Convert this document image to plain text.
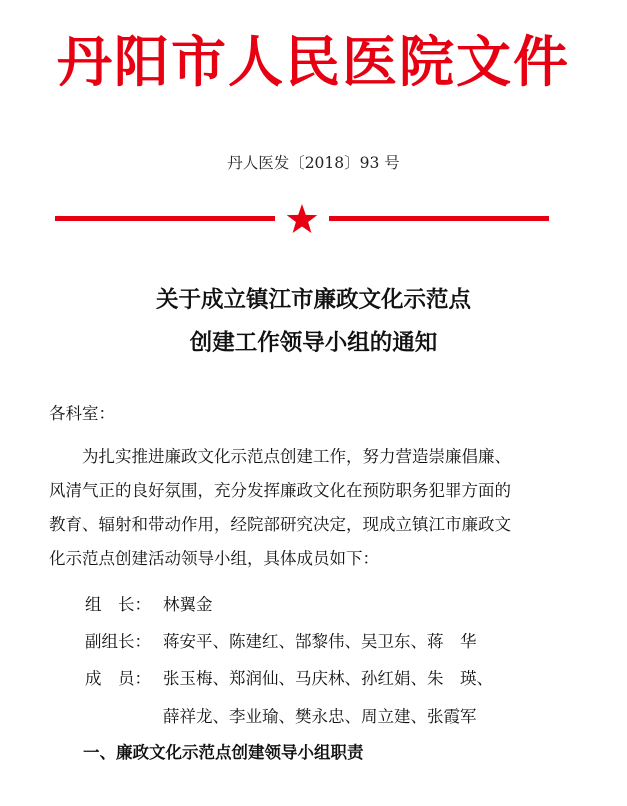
丹阳市人民医院文件
丹人医发〔2018〕93 号
关于成立镇江市廉政文化示范点
创建工作领导小组的通知
各科室：
　　为扎实推进廉政文化示范点创建工作，努力营造崇廉倡廉、
风清气正的良好氛围，充分发挥廉政文化在预防职务犯罪方面的
教育、辐射和带动作用，经院部研究决定，现成立镇江市廉政文
化示范点创建活动领导小组，具体成员如下：
组　长： 林翼金
副组长： 蒋安平、陈建红、郜黎伟、吴卫东、蒋　华
成　员： 张玉梅、郑润仙、马庆林、孙红娟、朱　瑛、
薛祥龙、李业瑜、樊永忠、周立建、张霞军
一、廉政文化示范点创建领导小组职责
